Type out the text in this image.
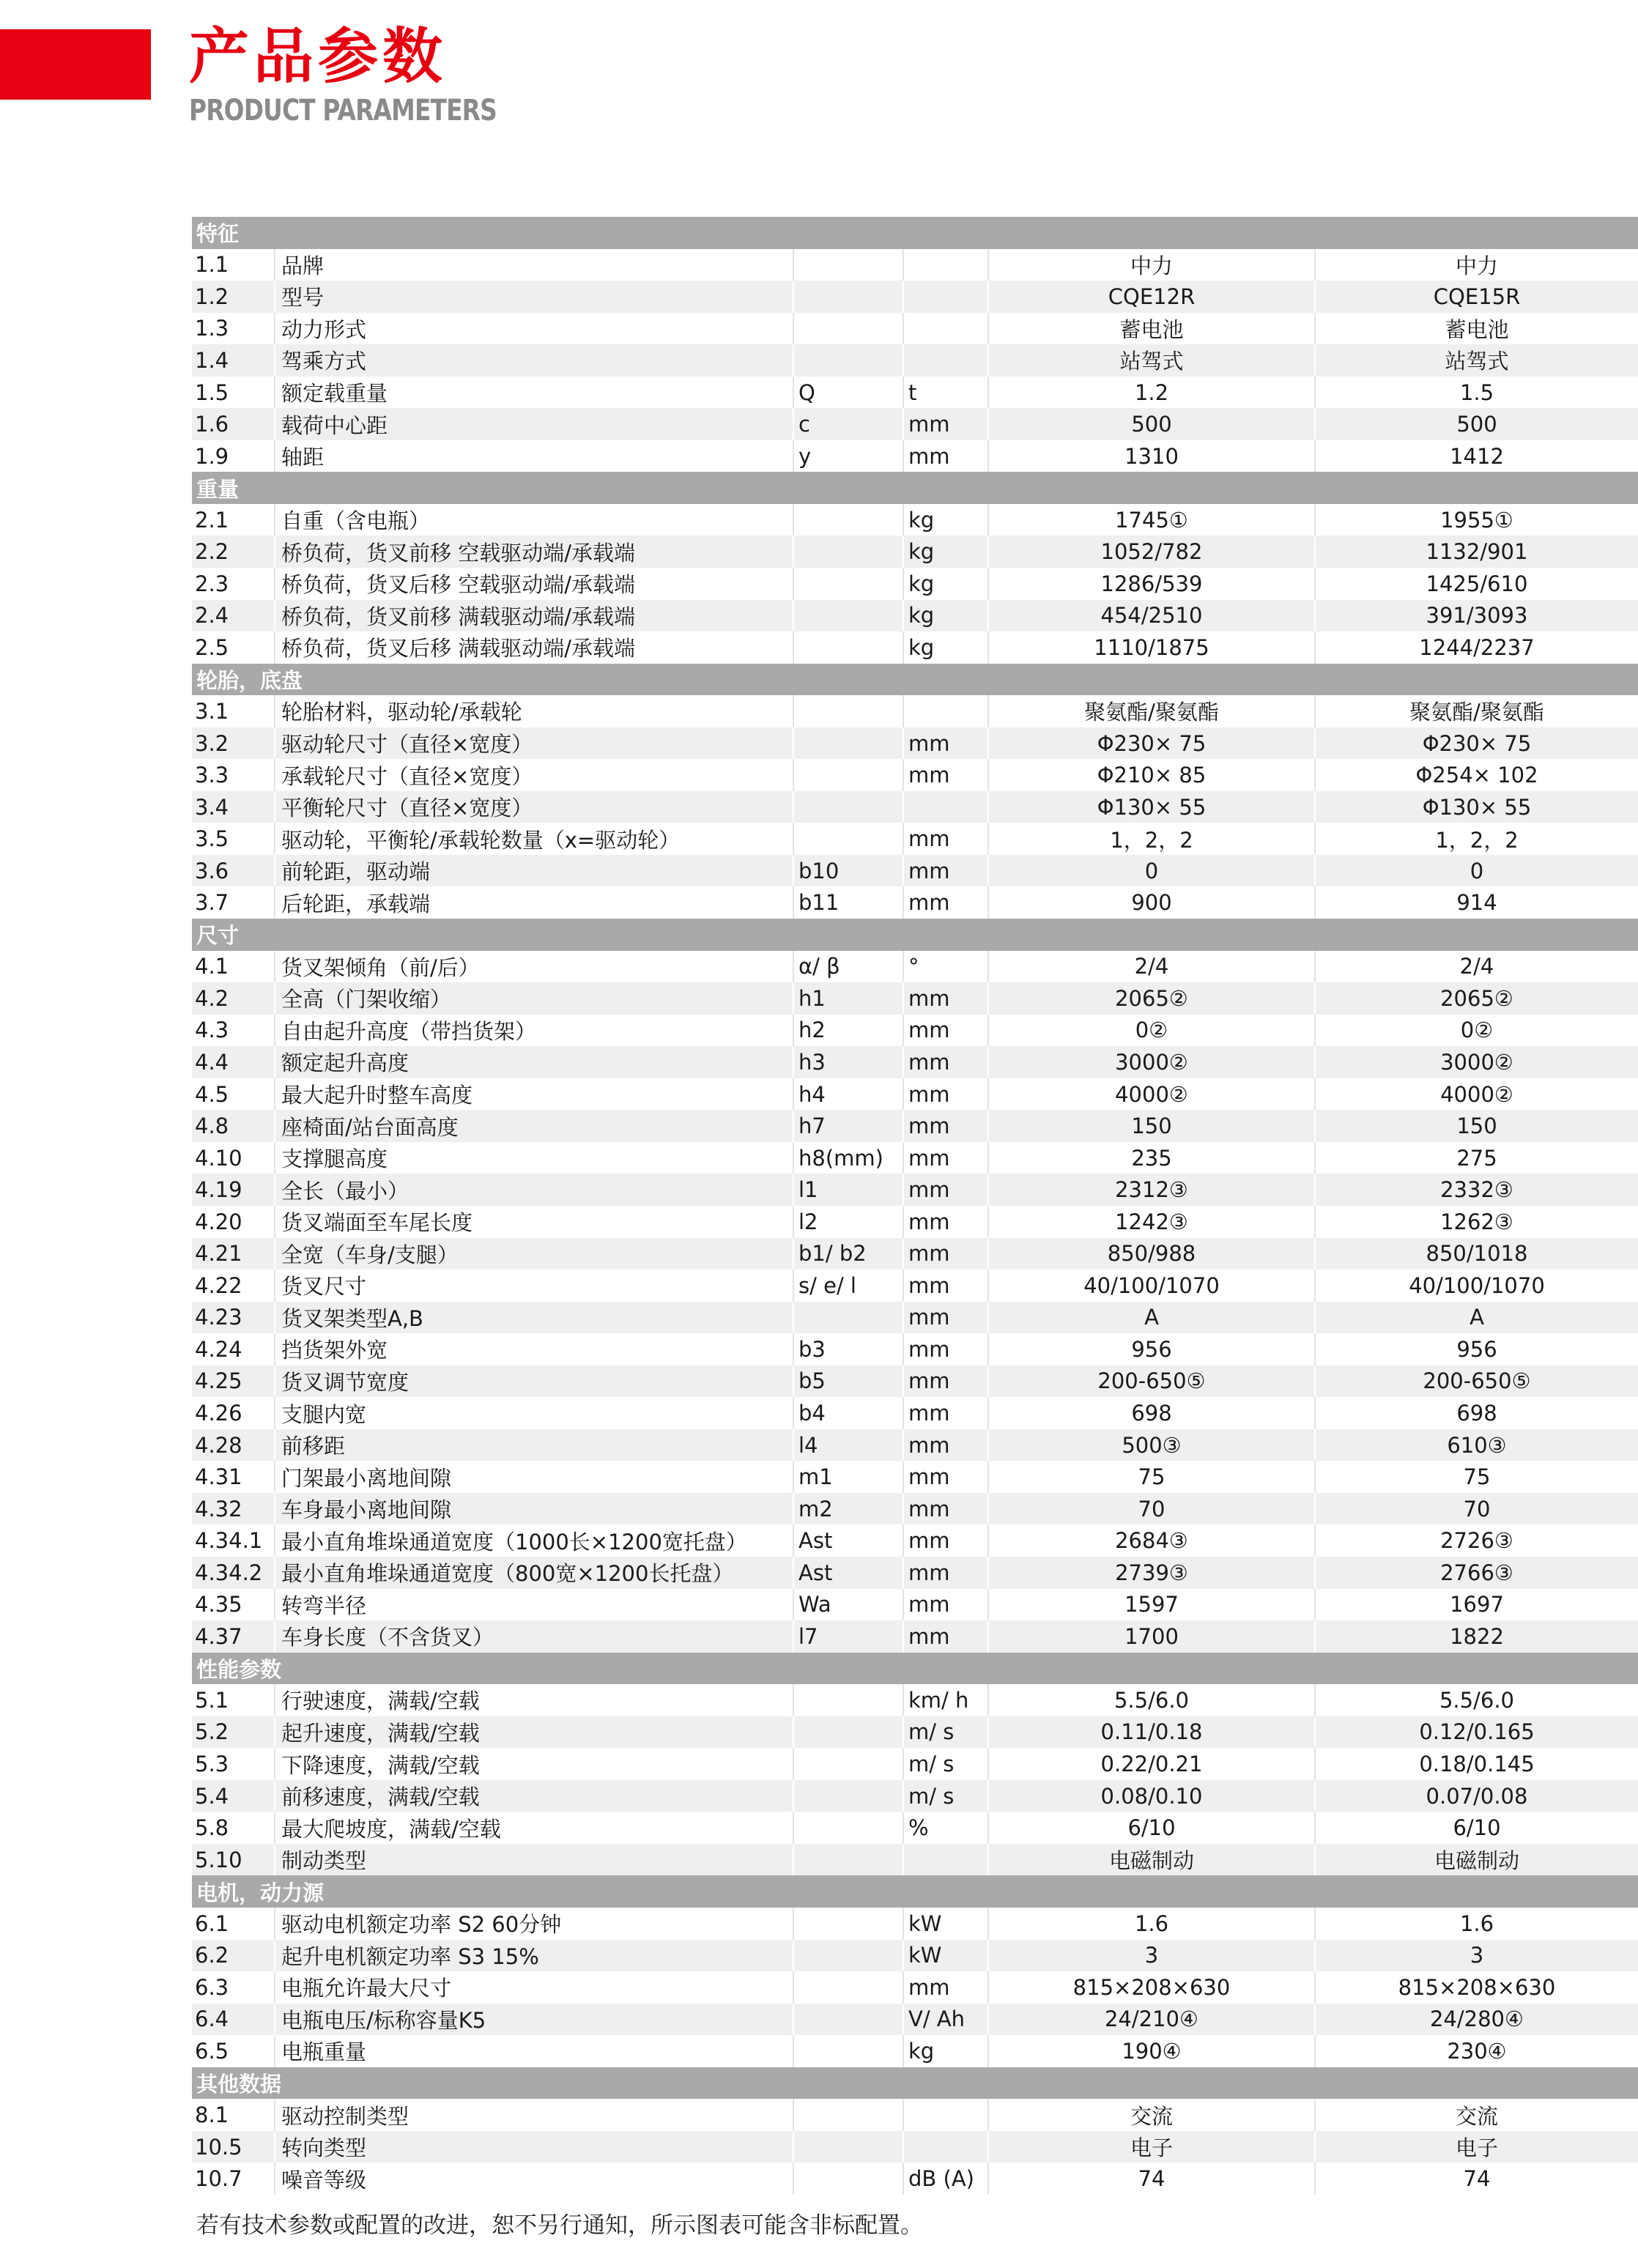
产品参数
PRODUCT PARAMETERS
特征
1.1	品牌	中力	中力
1.2	型号	CQE12R	CQE15R
1.3	动力形式	蓄电池	蓄电池
1.4	驾乘方式	站驾式	站驾式
1.5	额定载重量	Q	t	1.2	1.5
1.6	载荷中心距	c	mm	500	500
1.9	轴距	y	mm	1310	1412
重量
2.1	自重（含电瓶）	kg	1745①	1955①
2.2	桥负荷，货叉前移 空载驱动端/承载端	kg	1052/782	1132/901
2.3	桥负荷，货叉后移 空载驱动端/承载端	kg	1286/539	1425/610
2.4	桥负荷，货叉前移 满载驱动端/承载端	kg	454/2510	391/3093
2.5	桥负荷，货叉后移 满载驱动端/承载端	kg	1110/1875	1244/2237
轮胎，底盘
3.1	轮胎材料，驱动轮/承载轮	聚氨酯/聚氨酯	聚氨酯/聚氨酯
3.2	驱动轮尺寸（直径×宽度）	mm	Φ230× 75	Φ230× 75
3.3	承载轮尺寸（直径×宽度）	mm	Φ210× 85	Φ254× 102
3.4	平衡轮尺寸（直径×宽度）	Φ130× 55	Φ130× 55
3.5	驱动轮，平衡轮/承载轮数量（x=驱动轮）	mm	1，2，2	1，2，2
3.6	前轮距，驱动端	b10	mm	0	0
3.7	后轮距，承载端	b11	mm	900	914
尺寸
4.1	货叉架倾角（前/后）	α/ β	°	2/4	2/4
4.2	全高（门架收缩）	h1	mm	2065②	2065②
4.3	自由起升高度（带挡货架）	h2	mm	0②	0②
4.4	额定起升高度	h3	mm	3000②	3000②
4.5	最大起升时整车高度	h4	mm	4000②	4000②
4.8	座椅面/站台面高度	h7	mm	150	150
4.10	支撑腿高度	h8(mm)	mm	235	275
4.19	全长（最小）	l1	mm	2312③	2332③
4.20	货叉端面至车尾长度	l2	mm	1242③	1262③
4.21	全宽（车身/支腿）	b1/ b2	mm	850/988	850/1018
4.22	货叉尺寸	s/ e/ l	mm	40/100/1070	40/100/1070
4.23	货叉架类型A,B	mm	A	A
4.24	挡货架外宽	b3	mm	956	956
4.25	货叉调节宽度	b5	mm	200-650⑤	200-650⑤
4.26	支腿内宽	b4	mm	698	698
4.28	前移距	l4	mm	500③	610③
4.31	门架最小离地间隙	m1	mm	75	75
4.32	车身最小离地间隙	m2	mm	70	70
4.34.1 最小直角堆垛通道宽度（1000长×1200宽托盘）	Ast	mm	2684③	2726③
4.34.2 最小直角堆垛通道宽度（800宽×1200长托盘）	Ast	mm	2739③	2766③
4.35	转弯半径	Wa	mm	1597	1697
4.37	车身长度（不含货叉）	l7	mm	1700	1822
性能参数
5.1	行驶速度，满载/空载	km/ h	5.5/6.0	5.5/6.0
5.2	起升速度，满载/空载	m/ s	0.11/0.18	0.12/0.165
5.3	下降速度，满载/空载	m/ s	0.22/0.21	0.18/0.145
5.4	前移速度，满载/空载	m/ s	0.08/0.10	0.07/0.08
5.8	最大爬坡度，满载/空载	%	6/10	6/10
5.10	制动类型	电磁制动	电磁制动
电机，动力源
6.1	驱动电机额定功率 S2 60分钟	kW	1.6	1.6
6.2	起升电机额定功率 S3 15%	kW	3	3
6.3	电瓶允许最大尺寸	mm	815×208×630	815×208×630
6.4	电瓶电压/标称容量K5	V/ Ah	24/210④	24/280④
6.5	电瓶重量	kg	190④	230④
其他数据
8.1	驱动控制类型	交流	交流
10.5	转向类型	电子	电子
10.7	噪音等级	dB (A)	74	74
若有技术参数或配置的改进，恕不另行通知，所示图表可能含非标配置。
